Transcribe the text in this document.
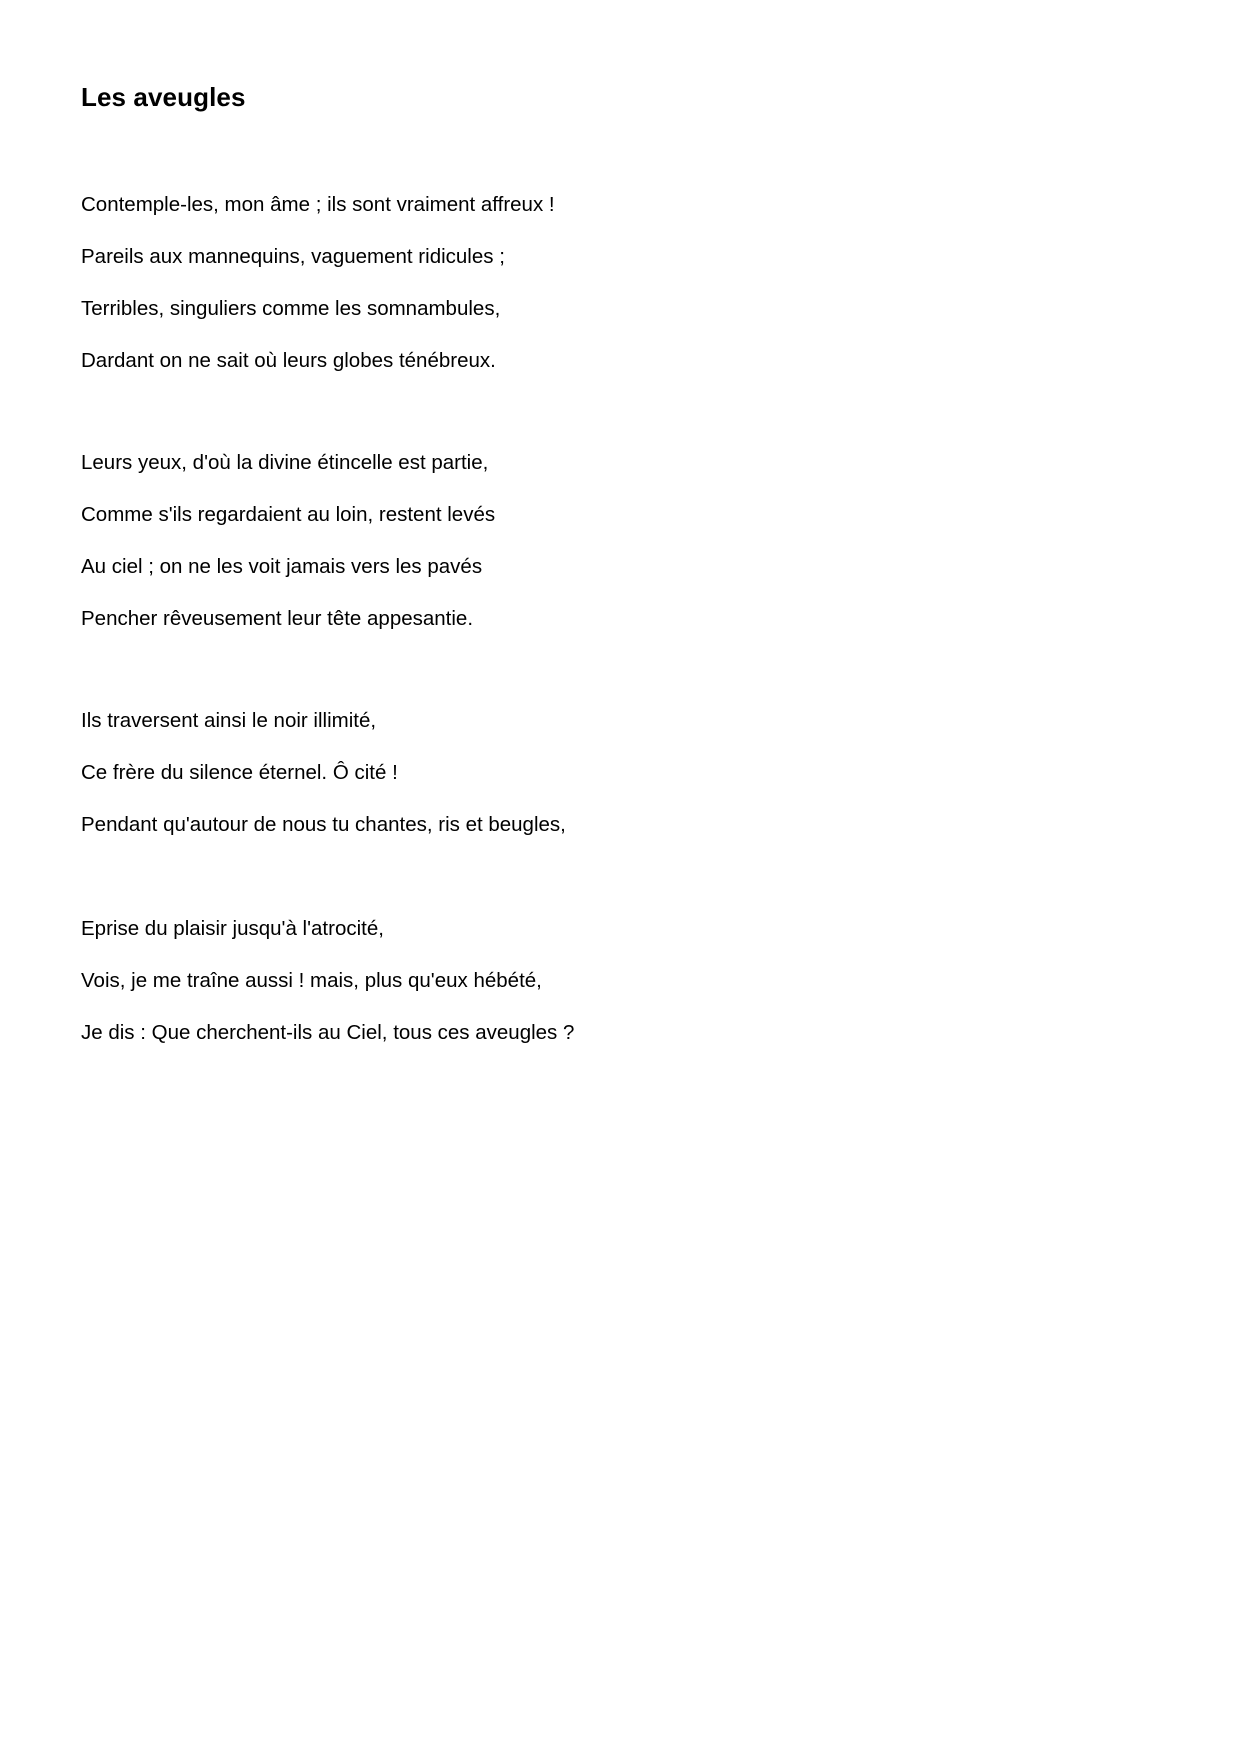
Les aveugles

Contemple-les, mon âme ; ils sont vraiment affreux !

Pareils aux mannequins, vaguement ridicules ;

Terribles, singuliers comme les somnambules,

Dardant on ne sait où leurs globes ténébreux.

Leurs yeux, d'où la divine étincelle est partie,

Comme s'ils regardaient au loin, restent levés

Au ciel ; on ne les voit jamais vers les pavés

Pencher rêveusement leur tête appesantie.

Ils traversent ainsi le noir illimité,

Ce frère du silence éternel. Ô cité !

Pendant qu'autour de nous tu chantes, ris et beugles,

Eprise du plaisir jusqu'à l'atrocité,

Vois, je me traîne aussi ! mais, plus qu'eux hébété,

Je dis : Que cherchent-ils au Ciel, tous ces aveugles ?
